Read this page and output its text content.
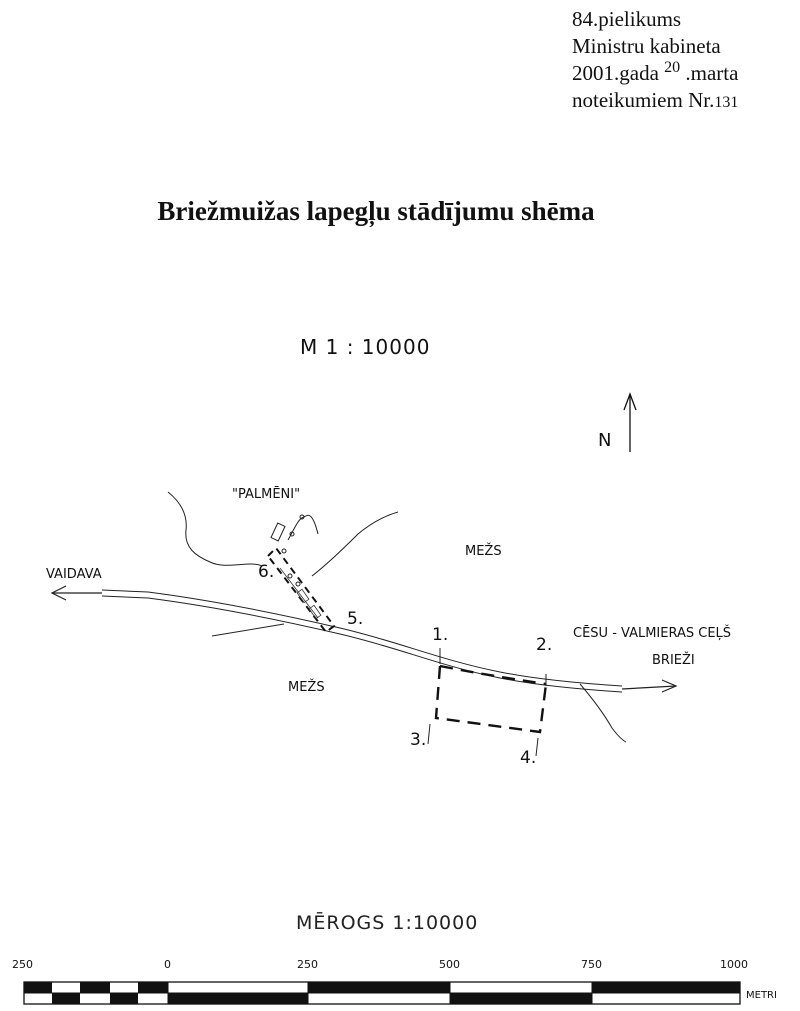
84.pielikums
Ministru kabineta
2001.gada $^{20}$ .marta
noteikumiem Nr.131
Briežmuižas lapegļu stādījumu shēma
M 1 : 10000
N
"PALMĒNI"
MEŽS
VAIDAVA
MEŽS
CĒSU - VALMIERAS CEĻŠ
BRIEŽI
6.
5.
1.	2.
3.
4.
MĒROGS 1:10000
250	0	250	500	750	1000
METRI
